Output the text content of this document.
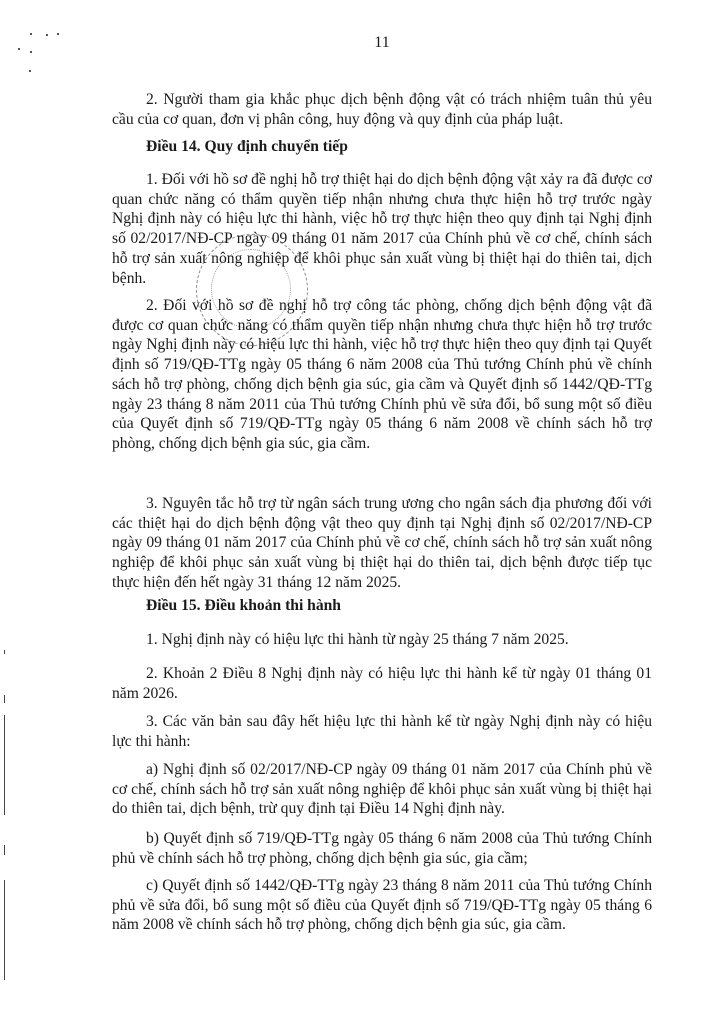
11

2. Người tham gia khắc phục dịch bệnh động vật có trách nhiệm tuân thủ yêu cầu của cơ quan, đơn vị phân công, huy động và quy định của pháp luật.

Điều 14. Quy định chuyển tiếp

1. Đối với hồ sơ đề nghị hỗ trợ thiệt hại do dịch bệnh động vật xảy ra đã được cơ quan chức năng có thẩm quyền tiếp nhận nhưng chưa thực hiện hỗ trợ trước ngày Nghị định này có hiệu lực thi hành, việc hỗ trợ thực hiện theo quy định tại Nghị định số 02/2017/NĐ-CP ngày 09 tháng 01 năm 2017 của Chính phủ về cơ chế, chính sách hỗ trợ sản xuất nông nghiệp để khôi phục sản xuất vùng bị thiệt hại do thiên tai, dịch bệnh.

2. Đối với hồ sơ đề nghị hỗ trợ công tác phòng, chống dịch bệnh động vật đã được cơ quan chức năng có thẩm quyền tiếp nhận nhưng chưa thực hiện hỗ trợ trước ngày Nghị định này có hiệu lực thi hành, việc hỗ trợ thực hiện theo quy định tại Quyết định số 719/QĐ-TTg ngày 05 tháng 6 năm 2008 của Thủ tướng Chính phủ về chính sách hỗ trợ phòng, chống dịch bệnh gia súc, gia cầm và Quyết định số 1442/QĐ-TTg ngày 23 tháng 8 năm 2011 của Thủ tướng Chính phủ về sửa đổi, bổ sung một số điều của Quyết định số 719/QĐ-TTg ngày 05 tháng 6 năm 2008 về chính sách hỗ trợ phòng, chống dịch bệnh gia súc, gia cầm.

3. Nguyên tắc hỗ trợ từ ngân sách trung ương cho ngân sách địa phương đối với các thiệt hại do dịch bệnh động vật theo quy định tại Nghị định số 02/2017/NĐ-CP ngày 09 tháng 01 năm 2017 của Chính phủ về cơ chế, chính sách hỗ trợ sản xuất nông nghiệp để khôi phục sản xuất vùng bị thiệt hại do thiên tai, dịch bệnh được tiếp tục thực hiện đến hết ngày 31 tháng 12 năm 2025.

Điều 15. Điều khoản thi hành

1. Nghị định này có hiệu lực thi hành từ ngày 25 tháng 7 năm 2025.

2. Khoản 2 Điều 8 Nghị định này có hiệu lực thi hành kể từ ngày 01 tháng 01 năm 2026.

3. Các văn bản sau đây hết hiệu lực thi hành kể từ ngày Nghị định này có hiệu lực thi hành:

a) Nghị định số 02/2017/NĐ-CP ngày 09 tháng 01 năm 2017 của Chính phủ về cơ chế, chính sách hỗ trợ sản xuất nông nghiệp để khôi phục sản xuất vùng bị thiệt hại do thiên tai, dịch bệnh, trừ quy định tại Điều 14 Nghị định này.

b) Quyết định số 719/QĐ-TTg ngày 05 tháng 6 năm 2008 của Thủ tướng Chính phủ về chính sách hỗ trợ phòng, chống dịch bệnh gia súc, gia cầm;

c) Quyết định số 1442/QĐ-TTg ngày 23 tháng 8 năm 2011 của Thủ tướng Chính phủ về sửa đổi, bổ sung một số điều của Quyết định số 719/QĐ-TTg ngày 05 tháng 6 năm 2008 về chính sách hỗ trợ phòng, chống dịch bệnh gia súc, gia cầm.
